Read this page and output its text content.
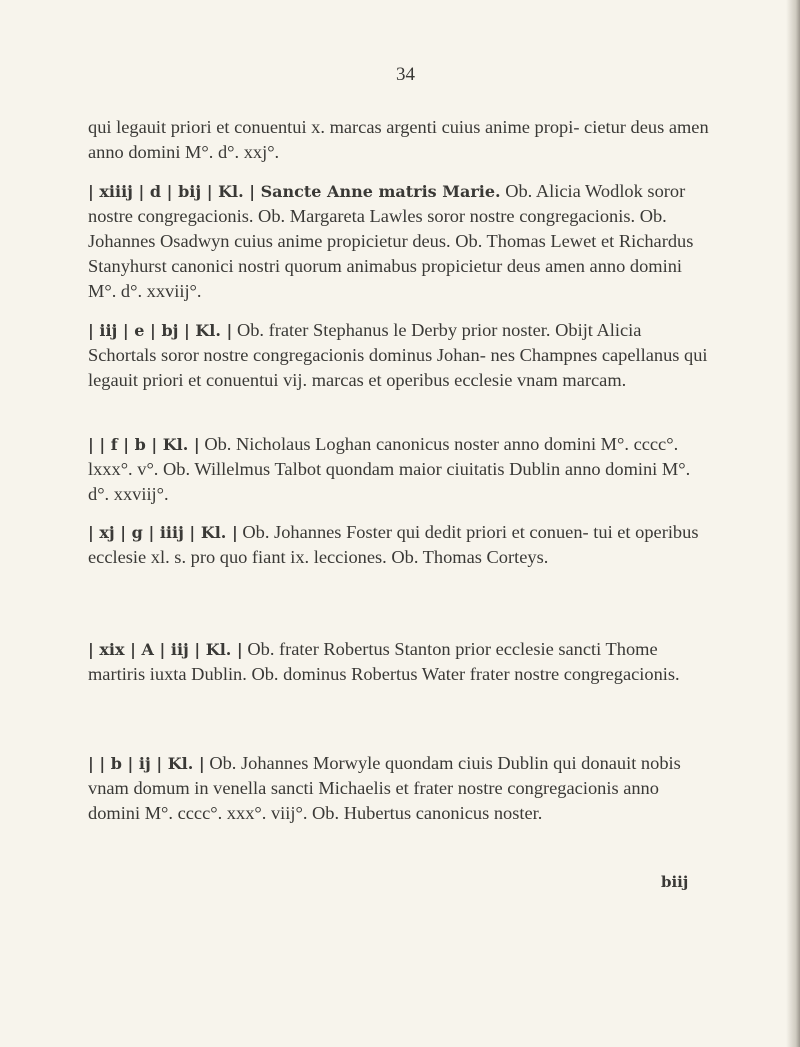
34
qui legauit priori et conuentui x. marcas argenti cuius anime propi- cietur deus amen anno domini M°. d°. xxj°.
| xiiij | d | bij | Kl. | Sancte Anne matris Marie. Ob. Alicia Wodlok soror nostre congregacionis. Ob. Margareta Lawles soror nostre congregacionis. Ob. Johannes Osadwyn cuius anime propicietur deus. Ob. Thomas Lewet et Richardus Stanyhurst canonici nostri quorum animabus propicietur deus amen anno domini M°. d°. xxviij°.
| iij | e | bj | Kl. | Ob. frater Stephanus le Derby prior noster. Obijt Alicia Schortals soror nostre congregacionis dominus Johan- nes Champnes capellanus qui legauit priori et conuentui vij. marcas et operibus ecclesie vnam marcam.
| | f | b | Kl. | Ob. Nicholaus Loghan canonicus noster anno domini M°. cccc°. lxxx°. v°. Ob. Willelmus Talbot quondam maior ciuitatis Dublin anno domini M°. d°. xxviij°.
| xj | g | iiij | Kl. | Ob. Johannes Foster qui dedit priori et conuen- tui et operibus ecclesie xl. s. pro quo fiant ix. lecciones. Ob. Thomas Corteys.
| xix | A | iij | Kl. | Ob. frater Robertus Stanton prior ecclesie sancti Thome martiris iuxta Dublin. Ob. dominus Robertus Water frater nostre congregacionis.
| | b | ij | Kl. | Ob. Johannes Morwyle quondam ciuis Dublin qui donauit nobis vnam domum in venella sancti Michaelis et frater nostre congregacionis anno domini M°. cccc°. xxx°. viij°. Ob. Hubertus canonicus noster.
biij
